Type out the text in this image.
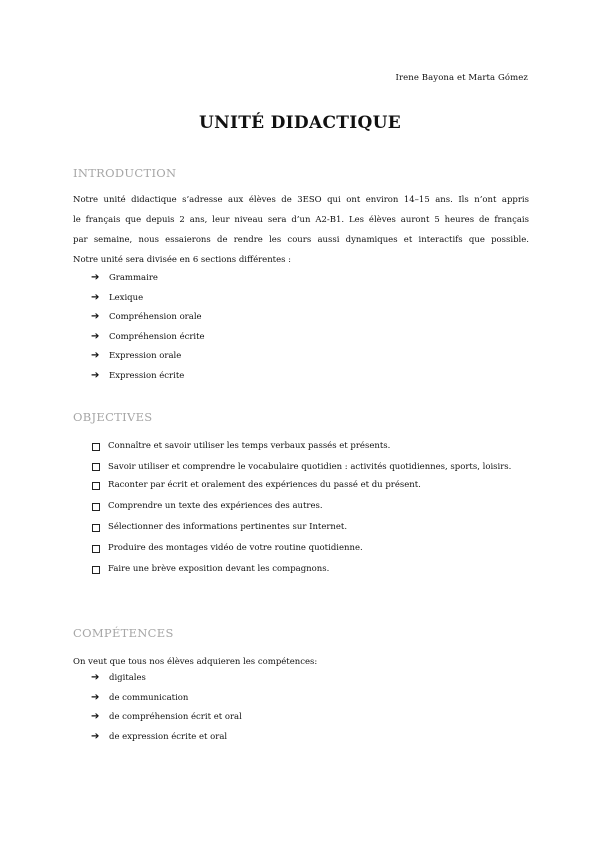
Irene Bayona et Marta Gómez
UNITÉ DIDACTIQUE
INTRODUCTION
Notre unité didactique s’adresse aux élèves de 3ESO qui ont environ 14–15 ans. Ils n’ont appris
le français que depuis 2 ans, leur niveau sera d’un A2-B1. Les élèves auront 5 heures de français
par semaine, nous essaierons de rendre les cours aussi dynamiques et interactifs que possible.
Notre unité sera divisée en 6 sections différentes :
➔	Grammaire
➔	Lexique
➔	Compréhension orale
➔	Compréhension écrite
➔	Expression orale
➔	Expression écrite
OBJECTIVES
Connaître et savoir utiliser les temps verbaux passés et présents.
Savoir utiliser et comprendre le vocabulaire quotidien : activités quotidiennes, sports, loisirs.
Raconter par écrit et oralement des expériences du passé et du présent.
Comprendre un texte des expériences des autres.
Sélectionner des informations pertinentes sur Internet.
Produire des montages vidéo de votre routine quotidienne.
Faire une brève exposition devant les compagnons.
COMPÉTENCES
On veut que tous nos élèves adquieren les compétences:
➔	digitales
➔	de communication
➔	de compréhension écrit et oral
➔	de expression écrite et oral
